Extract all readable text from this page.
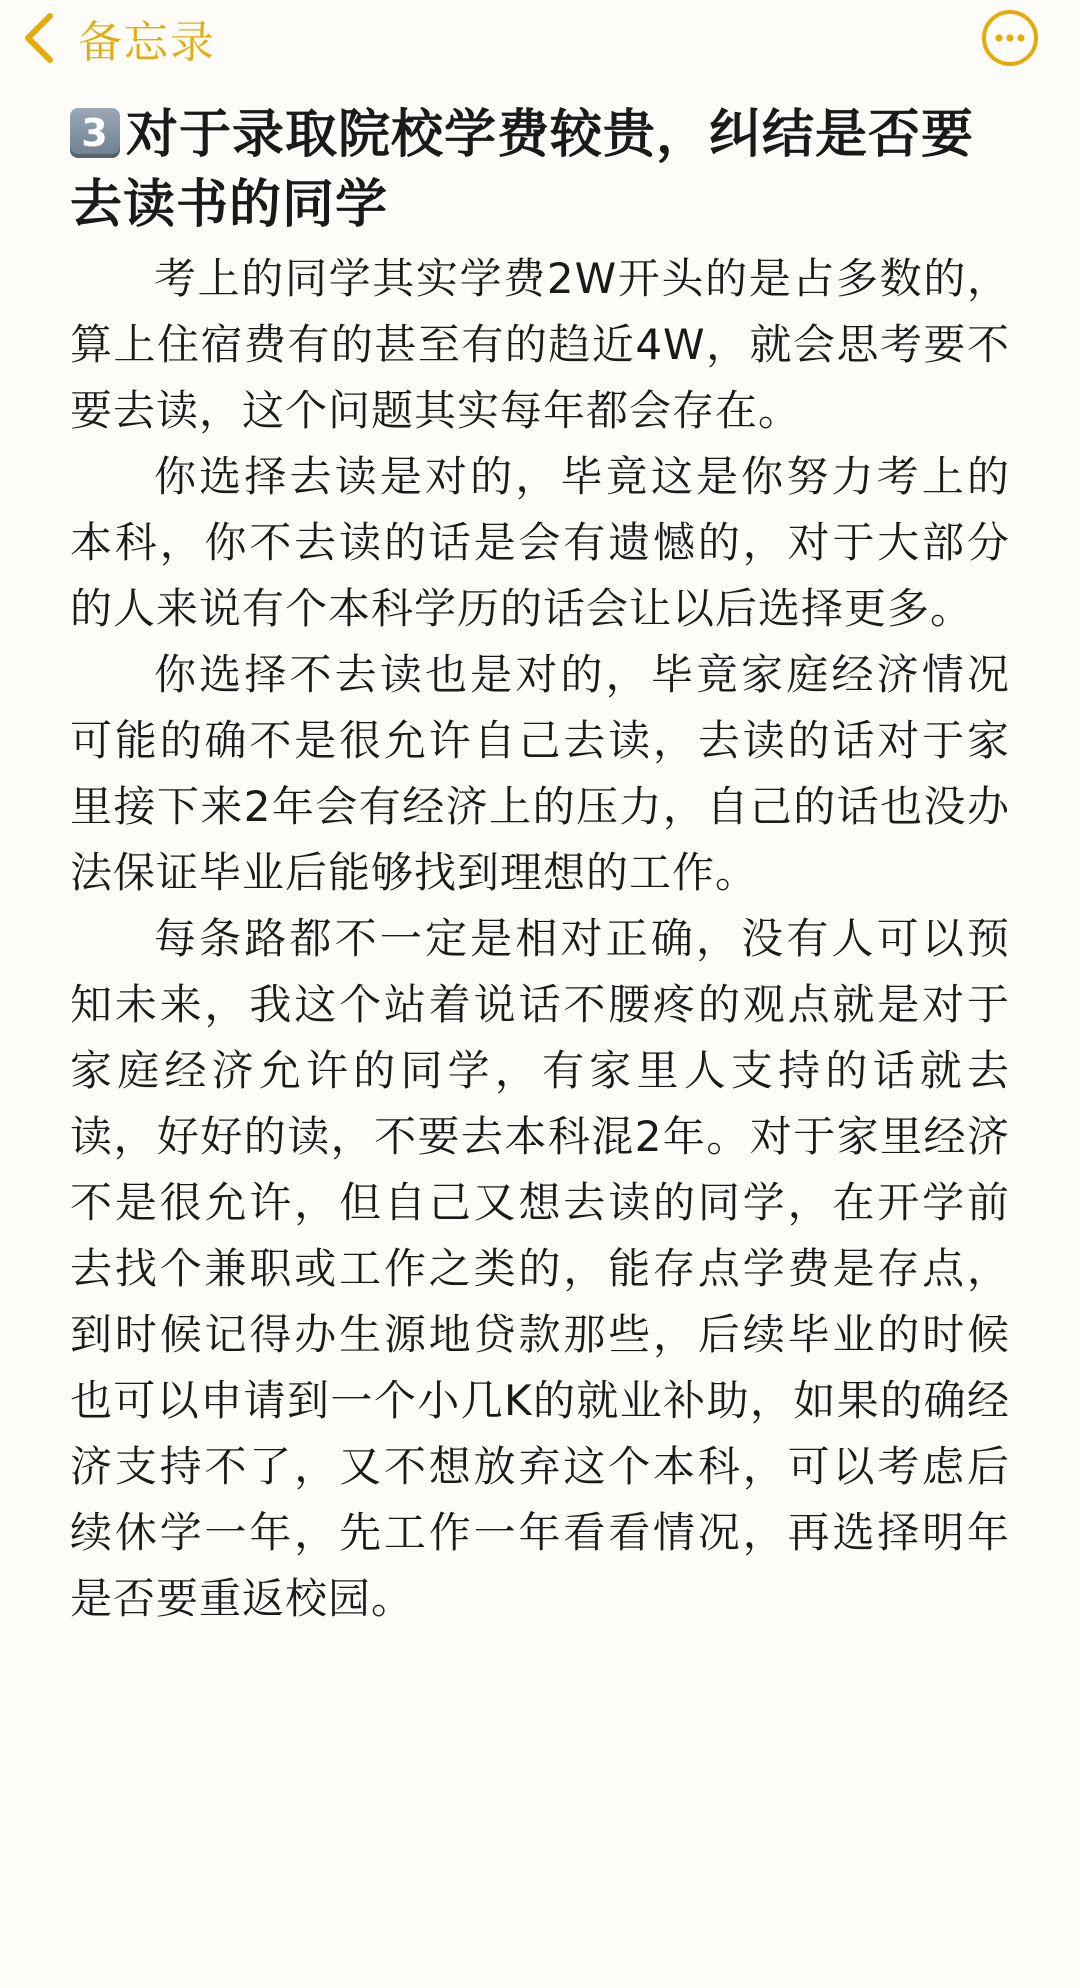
备忘录
3 对于录取院校学费较贵，纠结是否要去读书的同学

考上的同学其实学费2W开头的是占多数的，算上住宿费有的甚至有的趋近4W，就会思考要不要去读，这个问题其实每年都会存在。

你选择去读是对的，毕竟这是你努力考上的本科，你不去读的话是会有遗憾的，对于大部分的人来说有个本科学历的话会让以后选择更多。

你选择不去读也是对的，毕竟家庭经济情况可能的确不是很允许自己去读，去读的话对于家里接下来2年会有经济上的压力，自己的话也没办法保证毕业后能够找到理想的工作。

每条路都不一定是相对正确，没有人可以预知未来，我这个站着说话不腰疼的观点就是对于家庭经济允许的同学，有家里人支持的话就去读，好好的读，不要去本科混2年。对于家里经济不是很允许，但自己又想去读的同学，在开学前去找个兼职或工作之类的，能存点学费是存点，到时候记得办生源地贷款那些，后续毕业的时候也可以申请到一个小几K的就业补助，如果的确经济支持不了，又不想放弃这个本科，可以考虑后续休学一年，先工作一年看看情况，再选择明年是否要重返校园。
